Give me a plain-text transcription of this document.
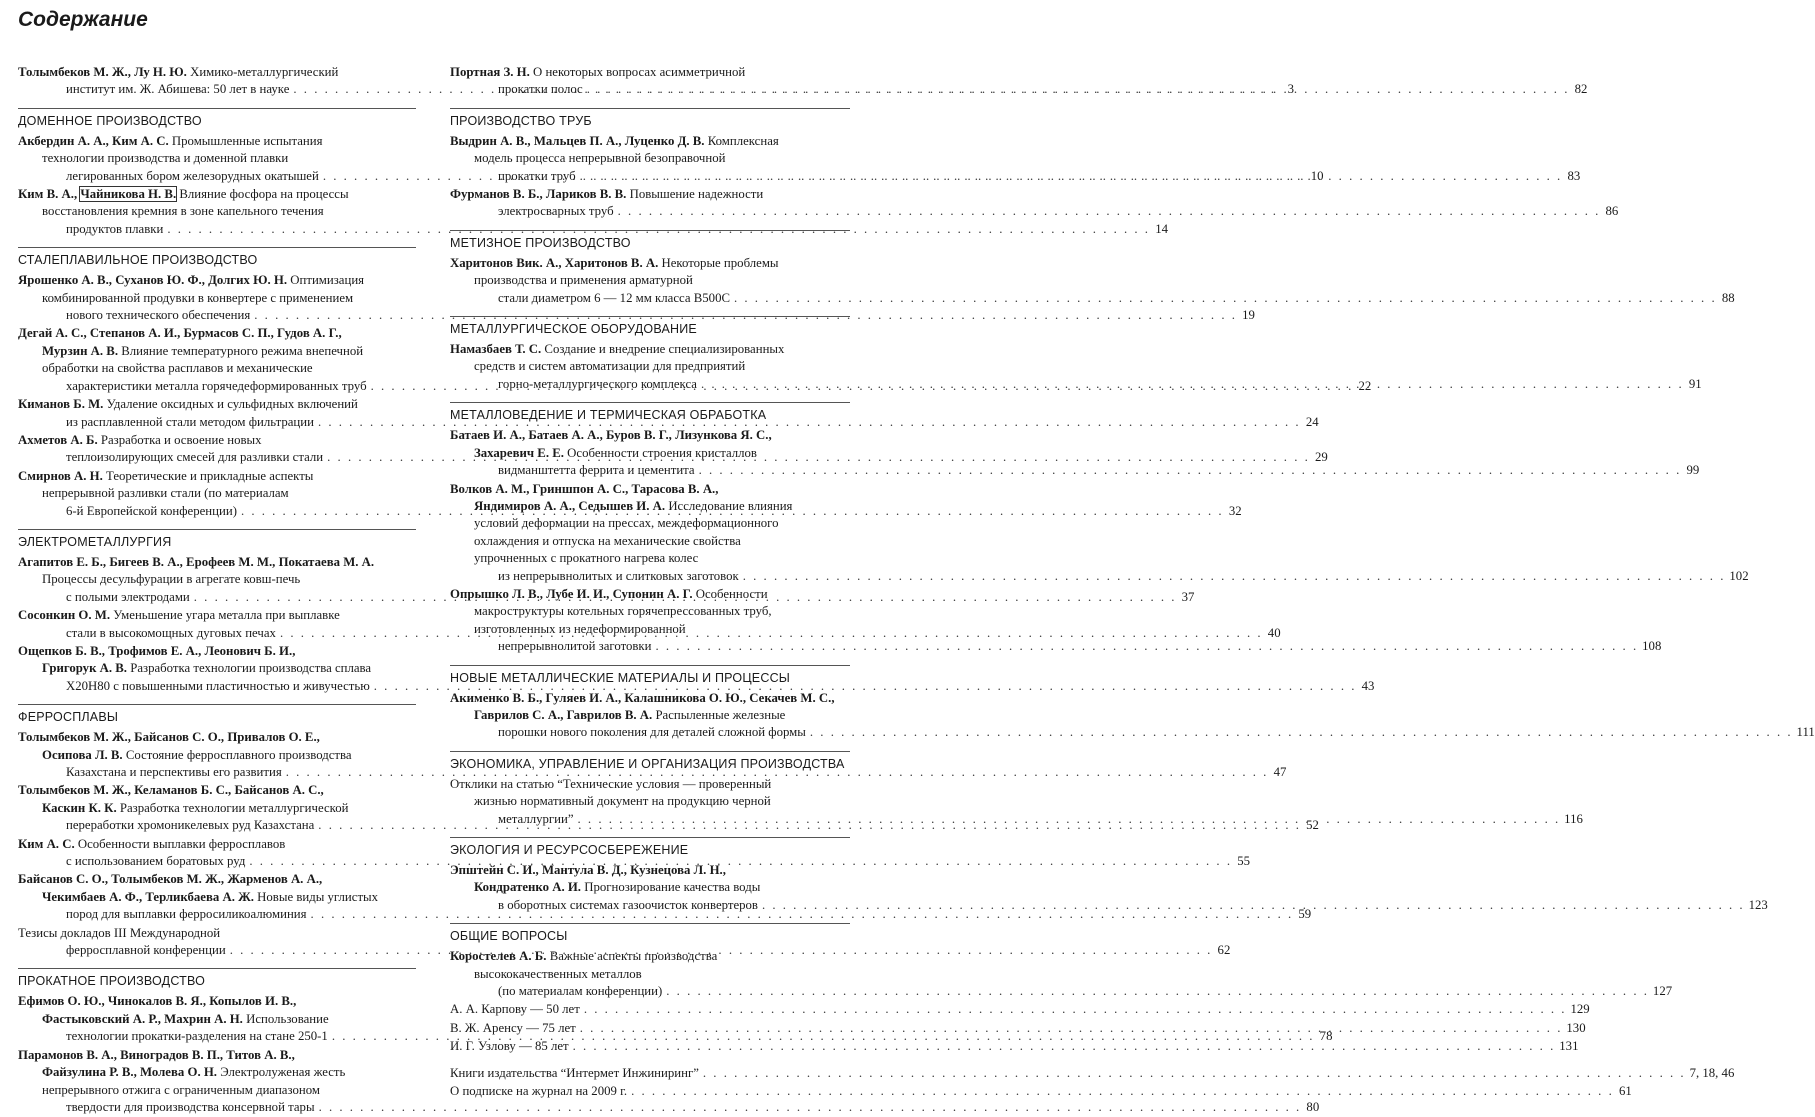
Содержание
Толымбеков М. Ж., Лу Н. Ю. Химико-металлургический
институт им. Ж. Абишева: 50 лет в науке . . .	3
ДОМЕННОЕ ПРОИЗВОДСТВО
Акбердин А. А., Ким А. С. Промышленные испытания
технологии производства и доменной плавки
легированных бором железорудных окатышей . . .	10
Ким В. А., Чайникова Н. В. Влияние фосфора на процессы
восстановления кремния в зоне капельного течения
продуктов плавки . . .	14
СТАЛЕПЛАВИЛЬНОЕ ПРОИЗВОДСТВО
Ярошенко А. В., Суханов Ю. Ф., Долгих Ю. Н. Оптимизация
комбинированной продувки в конвертере с применением
нового технического обеспечения . . .	19
Дегай А. С., Степанов А. И., Бурмасов С. П., Гудов А. Г.,
Мурзин А. В. Влияние температурного режима внепечной
обработки на свойства расплавов и механические
характеристики металла горячедеформированных труб . . .	22
Киманов Б. М. Удаление оксидных и сульфидных включений
из расплавленной стали методом фильтрации . . .	24
Ахметов А. Б. Разработка и освоение новых
теплоизолирующих смесей для разливки стали . . .	29
Смирнов А. Н. Теоретические и прикладные аспекты
непрерывной разливки стали (по материалам
6-й Европейской конференции) . . .	32
ЭЛЕКТРОМЕТАЛЛУРГИЯ
Агапитов Е. Б., Бигеев В. А., Ерофеев М. М., Покатаева М. А.
Процессы десульфурации в агрегате ковш-печь
с полыми электродами . . .	37
Сосонкин О. М. Уменьшение угара металла при выплавке
стали в высокомощных дуговых печах . . .	40
Ощепков Б. В., Трофимов Е. А., Леонович Б. И.,
Григорук А. В. Разработка технологии производства сплава
Х20Н80 с повышенными пластичностью и живучестью . . .	43
ФЕРРОСПЛАВЫ
Толымбеков М. Ж., Байсанов С. О., Привалов О. Е.,
Осипова Л. В. Состояние ферросплавного производства
Казахстана и перспективы его развития . . .	47
Толымбеков М. Ж., Келаманов Б. С., Байсанов А. С.,
Каскин К. К. Разработка технологии металлургической
переработки хромоникелевых руд Казахстана . . .	52
Ким А. С. Особенности выплавки ферросплавов
с использованием боратовых руд . . .	55
Байсанов С. О., Толымбеков М. Ж., Жарменов А. А.,
Чекимбаев А. Ф., Терликбаева А. Ж. Новые виды углистых
пород для выплавки ферросиликоалюминия . . .	59
Тезисы докладов III Международной
ферросплавной конференции . . .	62
ПРОКАТНОЕ ПРОИЗВОДСТВО
Ефимов О. Ю., Чинокалов В. Я., Копылов И. В.,
Фастыковский А. Р., Махрин А. Н. Использование
технологии прокатки-разделения на стане 250-1 . . .	78
Парамонов В. А., Виноградов В. П., Титов А. В.,
Файзулина Р. В., Молева О. Н. Электролуженая жесть
непрерывного отжига с ограниченным диапазоном
твердости для производства консервной тары . . .	80
Портная З. Н. О некоторых вопросах асимметричной
прокатки полос . . .	82
ПРОИЗВОДСТВО ТРУБ
Выдрин А. В., Мальцев П. А., Луценко Д. В. Комплексная
модель процесса непрерывной безоправочной
прокатки труб . . .	83
Фурманов В. Б., Лариков В. В. Повышение надежности
электросварных труб . . .	86
МЕТИЗНОЕ ПРОИЗВОДСТВО
Харитонов Вик. А., Харитонов В. А. Некоторые проблемы
производства и применения арматурной
стали диаметром 6 — 12 мм класса В500С . . .	88
МЕТАЛЛУРГИЧЕСКОЕ ОБОРУДОВАНИЕ
Намазбаев Т. С. Создание и внедрение специализированных
средств и систем автоматизации для предприятий
горно-металлургического комплекса . . .	91
МЕТАЛЛОВЕДЕНИЕ И ТЕРМИЧЕСКАЯ ОБРАБОТКА
Батаев И. А., Батаев А. А., Буров В. Г., Лизункова Я. С.,
Захаревич Е. Е. Особенности строения кристаллов
видманштетта феррита и цементита . . .	99
Волков А. М., Гриншпон А. С., Тарасова В. А.,
Яндимиров А. А., Седышев И. А. Исследование влияния
условий деформации на прессах, междеформационного
охлаждения и отпуска на механические свойства
упрочненных с прокатного нагрева колес
из непрерывнолитых и слитковых заготовок . . .	102
Опрышко Л. В., Лубе И. И., Супонин А. Г. Особенности
макроструктуры котельных горячепрессованных труб,
изготовленных из недеформированной
непрерывнолитой заготовки . . .	108
НОВЫЕ МЕТАЛЛИЧЕСКИЕ МАТЕРИАЛЫ И ПРОЦЕССЫ
Акименко В. Б., Гуляев И. А., Калашникова О. Ю., Секачев М. С.,
Гаврилов С. А., Гаврилов В. А. Распыленные железные
порошки нового поколения для деталей сложной формы . . .	111
ЭКОНОМИКА, УПРАВЛЕНИЕ И ОРГАНИЗАЦИЯ ПРОИЗВОДСТВА
Отклики на статью “Технические условия — проверенный
жизнью нормативный документ на продукцию черной
металлургии” . . .	116
ЭКОЛОГИЯ И РЕСУРСОСБЕРЕЖЕНИЕ
Эпштейн С. И., Мантула В. Д., Кузнецова Л. Н.,
Кондратенко А. И. Прогнозирование качества воды
в оборотных системах газоочисток конвертеров . . .	123
ОБЩИЕ ВОПРОСЫ
Коростелев А. Б. Важные аспекты производства
высококачественных металлов
(по материалам конференции) . . .	127
А. А. Карпову — 50 лет . . .	129
В. Ж. Аренсу — 75 лет . . .	130
И. Г. Узлову — 85 лет . . .	131
Книги издательства “Интермет Инжиниринг” . . .	7, 18, 46
О подписке на журнал на 2009 г. . . .	61
